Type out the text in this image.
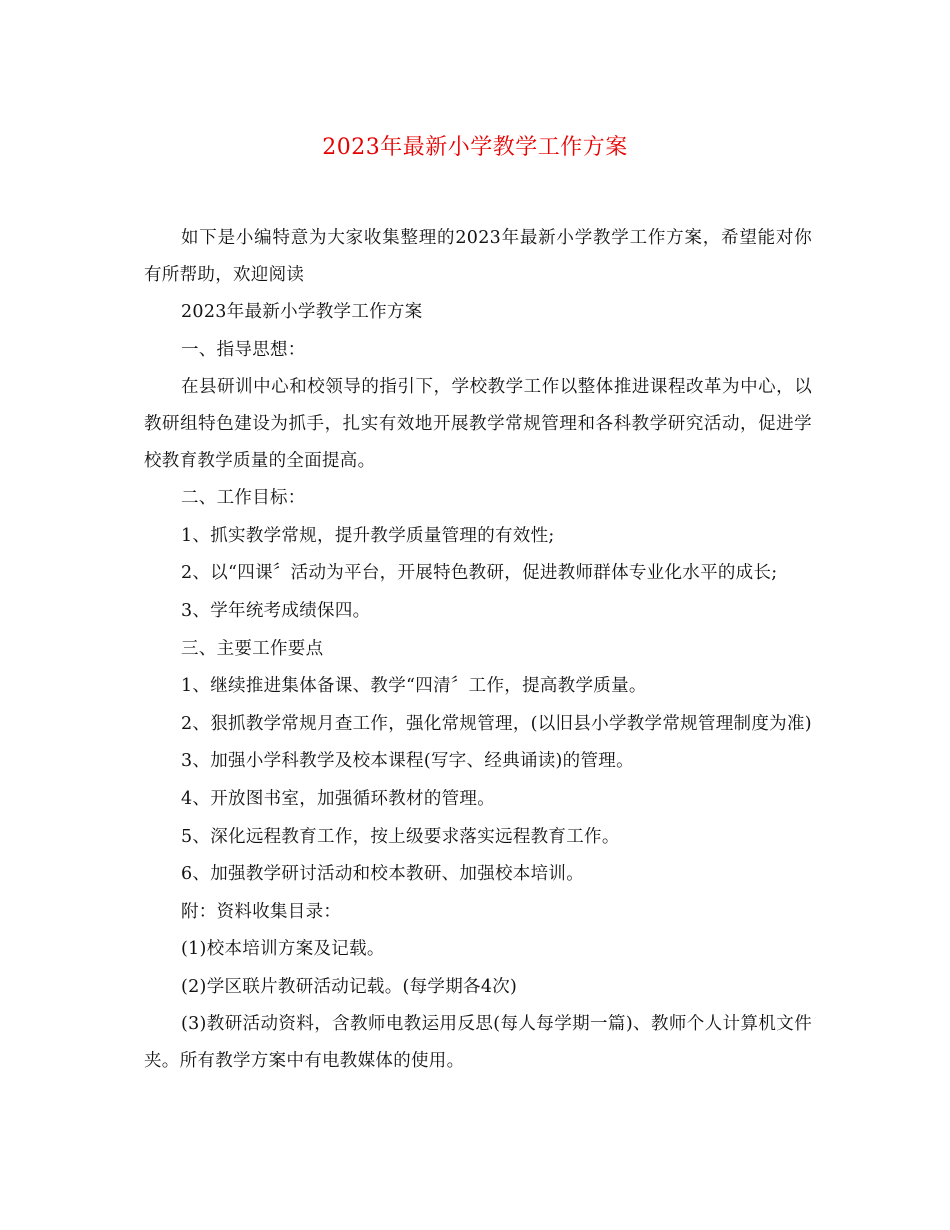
2023年最新小学教学工作方案

如下是小编特意为大家收集整理的2023年最新小学教学工作方案，希望能对你有所帮助，欢迎阅读

2023年最新小学教学工作方案

一、指导思想：

在县研训中心和校领导的指引下，学校教学工作以整体推进课程改革为中心，以教研组特色建设为抓手，扎实有效地开展教学常规管理和各科教学研究活动，促进学校教育教学质量的全面提高。

二、工作目标：

1、抓实教学常规，提升教学质量管理的有效性;

2、以“四课〞活动为平台，开展特色教研，促进教师群体专业化水平的成长;

3、学年统考成绩保四。

三、主要工作要点

1、继续推进集体备课、教学“四清〞工作，提高教学质量。

2、狠抓教学常规月查工作，强化常规管理，(以旧县小学教学常规管理制度为准)

3、加强小学科教学及校本课程(写字、经典诵读)的管理。

4、开放图书室，加强循环教材的管理。

5、深化远程教育工作，按上级要求落实远程教育工作。

6、加强教学研讨活动和校本教研、加强校本培训。

附：资料收集目录：

(1)校本培训方案及记载。

(2)学区联片教研活动记载。(每学期各4次)

(3)教研活动资料，含教师电教运用反思(每人每学期一篇)、教师个人计算机文件夹。所有教学方案中有电教媒体的使用。
